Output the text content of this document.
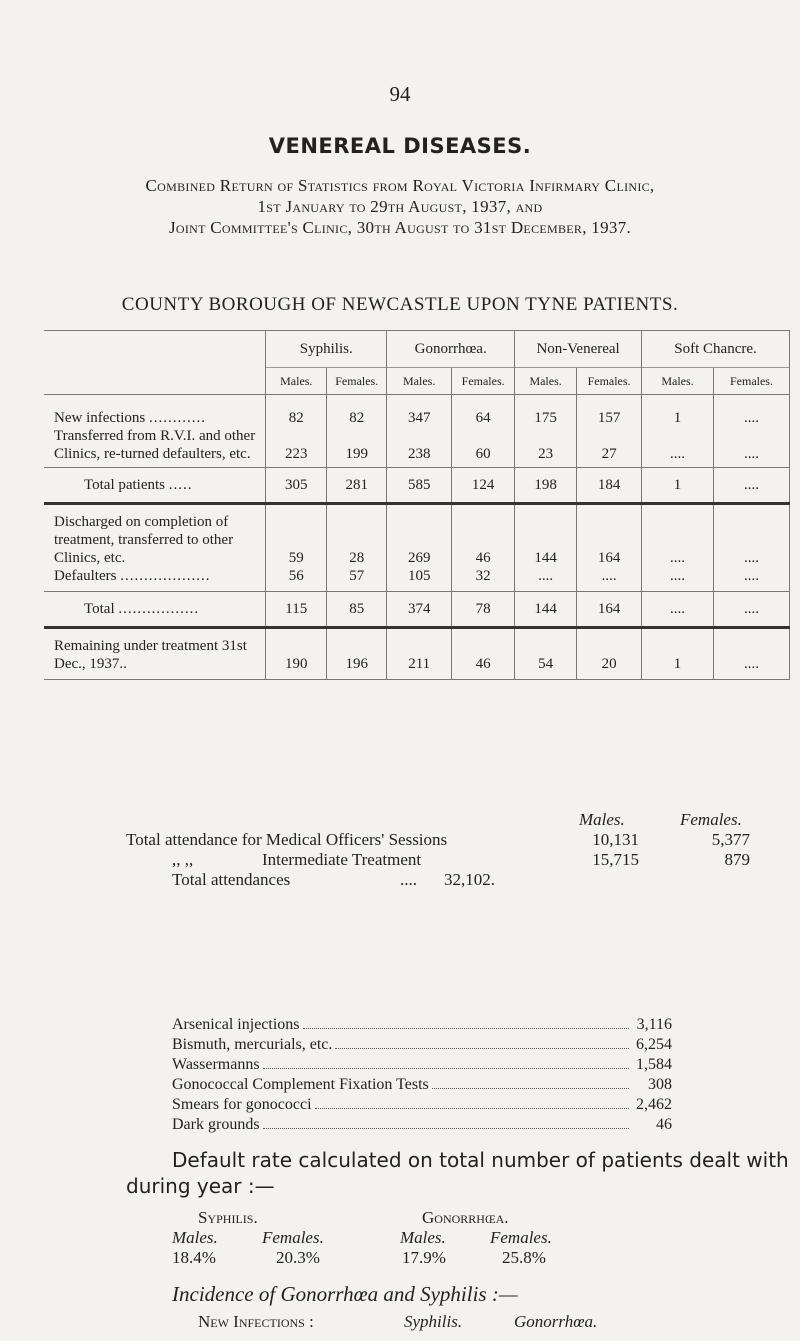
94
VENEREAL DISEASES.
Combined Return of Statistics from Royal Victoria Infirmary Clinic,
1st January to 29th August, 1937, and
Joint Committee's Clinic, 30th August to 31st December, 1937.
COUNTY BOROUGH OF NEWCASTLE UPON TYNE PATIENTS.
	Syphilis.		Gonorrhœa.		Non-Venereal		Soft Chancre.	
	Males.	Females.	Males.	Females.	Males.	Females.	Males.	Females.

New infections ............	82	82	347	64	175	157	1	....
Transferred from R.V.I. and other Clinics, re-turned defaulters, etc.	223	199	238	60	23	27	....	....
Total patients .....	305	281	585	124	198	184	1	....
Discharged on completion of treatment, transferred to other Clinics, etc.	59	28	269	46	144	164	....	....
Defaulters ...................	56	57	105	32	....	....	....	....
Total .................	115	85	374	78	144	164	....	....
Remaining under treatment 31st Dec., 1937..	190	196	211	46	54	20	1	....
Males.	Females.
Total attendance for Medical Officers' Sessions	10,131	5,377
,, ,,	Intermediate Treatment	15,715	879
Total attendances	.... 32,102.
Arsenical injections	3,116
Bismuth, mercurials, etc.	6,254
Wassermanns	1,584
Gonococcal Complement Fixation Tests	308
Smears for gonococci	2,462
Dark grounds	46
Default rate calculated on total number of patients dealt with
during year :—
Syphilis.	Gonorrhœa.
Males.	Females.	Males.	Females.
18.4%	20.3%	17.9%	25.8%
Incidence of Gonorrhœa and Syphilis :—
New Infections :	Syphilis.	Gonorrhœa.
